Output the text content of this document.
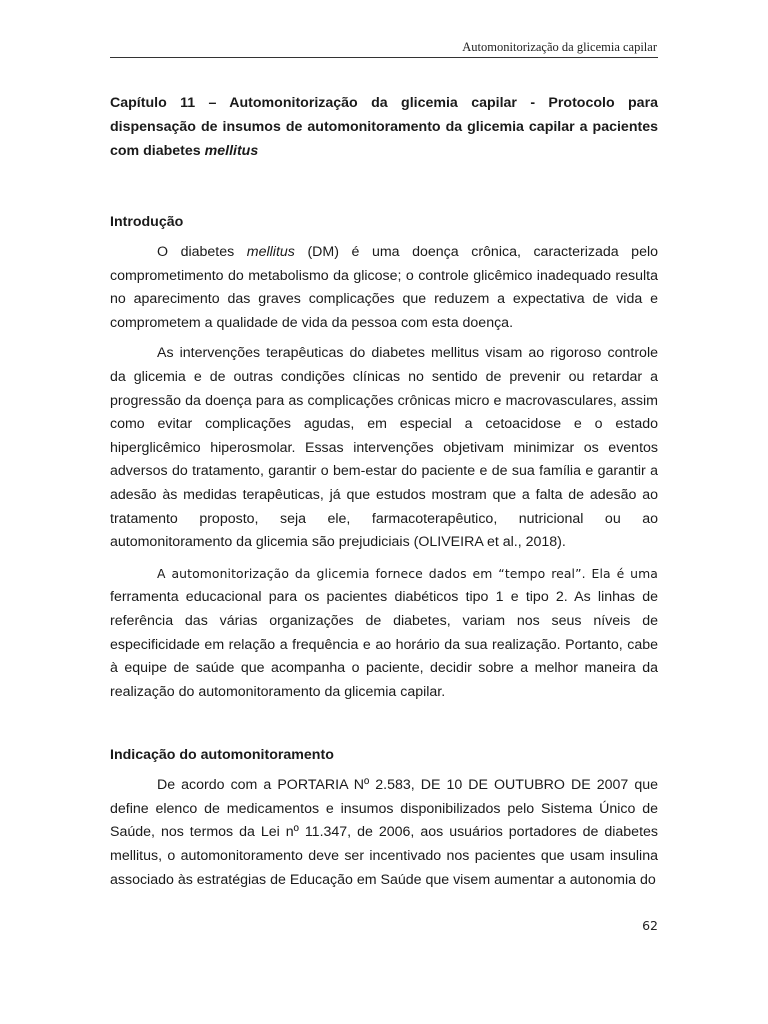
Automonitorização da glicemia capilar
Capítulo 11 – Automonitorização da glicemia capilar - Protocolo para dispensação de insumos de automonitoramento da glicemia capilar a pacientes com diabetes mellitus
Introdução

O diabetes mellitus (DM) é uma doença crônica, caracterizada pelo comprometimento do metabolismo da glicose; o controle glicêmico inadequado resulta no aparecimento das graves complicações que reduzem a expectativa de vida e comprometem a qualidade de vida da pessoa com esta doença.

As intervenções terapêuticas do diabetes mellitus visam ao rigoroso controle da glicemia e de outras condições clínicas no sentido de prevenir ou retardar a progressão da doença para as complicações crônicas micro e macrovasculares, assim como evitar complicações agudas, em especial a cetoacidose e o estado hiperglicêmico hiperosmolar. Essas intervenções objetivam minimizar os eventos adversos do tratamento, garantir o bem-estar do paciente e de sua família e garantir a adesão às medidas terapêuticas, já que estudos mostram que a falta de adesão ao tratamento proposto, seja ele, farmacoterapêutico, nutricional ou ao automonitoramento da glicemia são prejudiciais (OLIVEIRA et al., 2018).

A automonitorização da glicemia fornece dados em “tempo real”. Ela é uma ferramenta educacional para os pacientes diabéticos tipo 1 e tipo 2. As linhas de referência das várias organizações de diabetes, variam nos seus níveis de especificidade em relação a frequência e ao horário da sua realização. Portanto, cabe à equipe de saúde que acompanha o paciente, decidir sobre a melhor maneira da realização do automonitoramento da glicemia capilar.

Indicação do automonitoramento

De acordo com a PORTARIA Nº 2.583, DE 10 DE OUTUBRO DE 2007 que define elenco de medicamentos e insumos disponibilizados pelo Sistema Único de Saúde, nos termos da Lei nº 11.347, de 2006, aos usuários portadores de diabetes mellitus, o automonitoramento deve ser incentivado nos pacientes que usam insulina associado às estratégias de Educação em Saúde que visem aumentar a autonomia do

62
